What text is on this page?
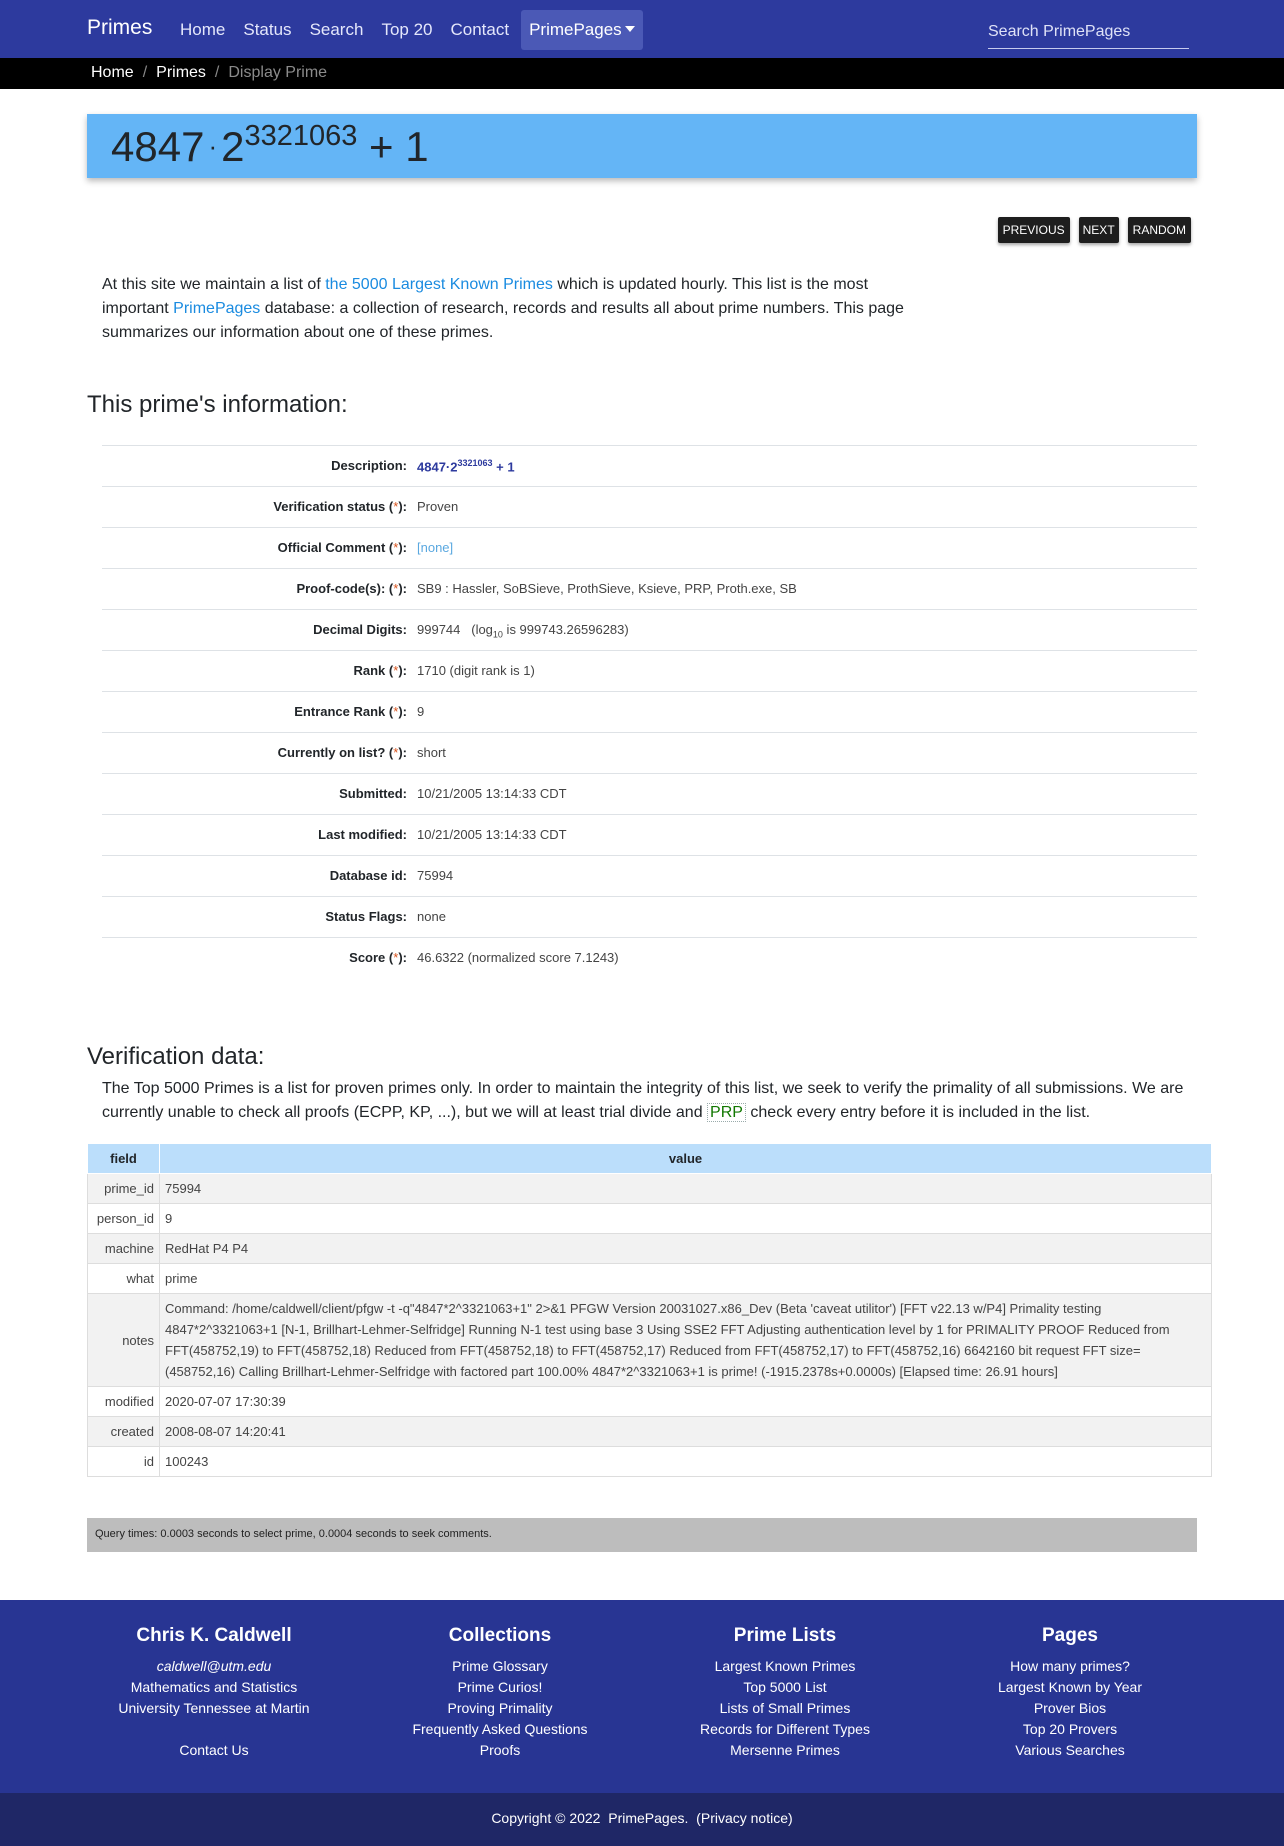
Primes	Home	Status	Search	Top 20	Contact	PrimePages
Search PrimePages
Home / Primes / Display Prime
$4847 \cdot 2^{3321063} + 1$
PREVIOUS	NEXT	RANDOM
At this site we maintain a list of the 5000 Largest Known Primes which is updated hourly. This list is the most important PrimePages database: a collection of research, records and results all about prime numbers. This page summarizes our information about one of these primes.
This prime's information:
Description: $4847\cdot 2^{3321063} + 1$
Verification status (*): Proven
Official Comment (*): [none]
Proof-code(s): (*): SB9 : Hassler, SoBSieve, ProthSieve, Ksieve, PRP, Proth.exe, SB
Decimal Digits: 999744 ($\log_{10}$ is 999743.26596283)
Rank (*): 1710 (digit rank is 1)
Entrance Rank (*): 9
Currently on list? (*): short
Submitted: 10/21/2005 13:14:33 CDT
Last modified: 10/21/2005 13:14:33 CDT
Database id: 75994
Status Flags: none
Score (*): 46.6322 (normalized score 7.1243)
Verification data:
The Top 5000 Primes is a list for proven primes only. In order to maintain the integrity of this list, we seek to verify the primality of all submissions. We are currently unable to check all proofs (ECPP, KP, ...), but we will at least trial divide and PRP check every entry before it is included in the list.
field	value
prime_id	75994
person_id	9
machine	RedHat P4 P4
what	prime
notes	Command: /home/caldwell/client/pfgw -t -q"4847*2^3321063+1" 2>&1 PFGW Version 20031027.x86_Dev (Beta 'caveat utilitor') [FFT v22.13 w/P4] Primality testing 4847*2^3321063+1 [N-1, Brillhart-Lehmer-Selfridge] Running N-1 test using base 3 Using SSE2 FFT Adjusting authentication level by 1 for PRIMALITY PROOF Reduced from FFT(458752,19) to FFT(458752,18) Reduced from FFT(458752,18) to FFT(458752,17) Reduced from FFT(458752,17) to FFT(458752,16) 6642160 bit request FFT size=(458752,16) Calling Brillhart-Lehmer-Selfridge with factored part 100.00% 4847*2^3321063+1 is prime! (-1915.2378s+0.0000s) [Elapsed time: 26.91 hours]
modified	2020-07-07 17:30:39
created	2008-08-07 14:20:41
id	100243
Query times: 0.0003 seconds to select prime, 0.0004 seconds to seek comments.
Chris K. Caldwell
caldwell@utm.edu
Mathematics and Statistics
University Tennessee at Martin
Contact Us
Collections
Prime Glossary
Prime Curios!
Proving Primality
Frequently Asked Questions
Proofs
Prime Lists
Largest Known Primes
Top 5000 List
Lists of Small Primes
Records for Different Types
Mersenne Primes
Pages
How many primes?
Largest Known by Year
Prover Bios
Top 20 Provers
Various Searches
Copyright © 2022 PrimePages.  (Privacy notice)
